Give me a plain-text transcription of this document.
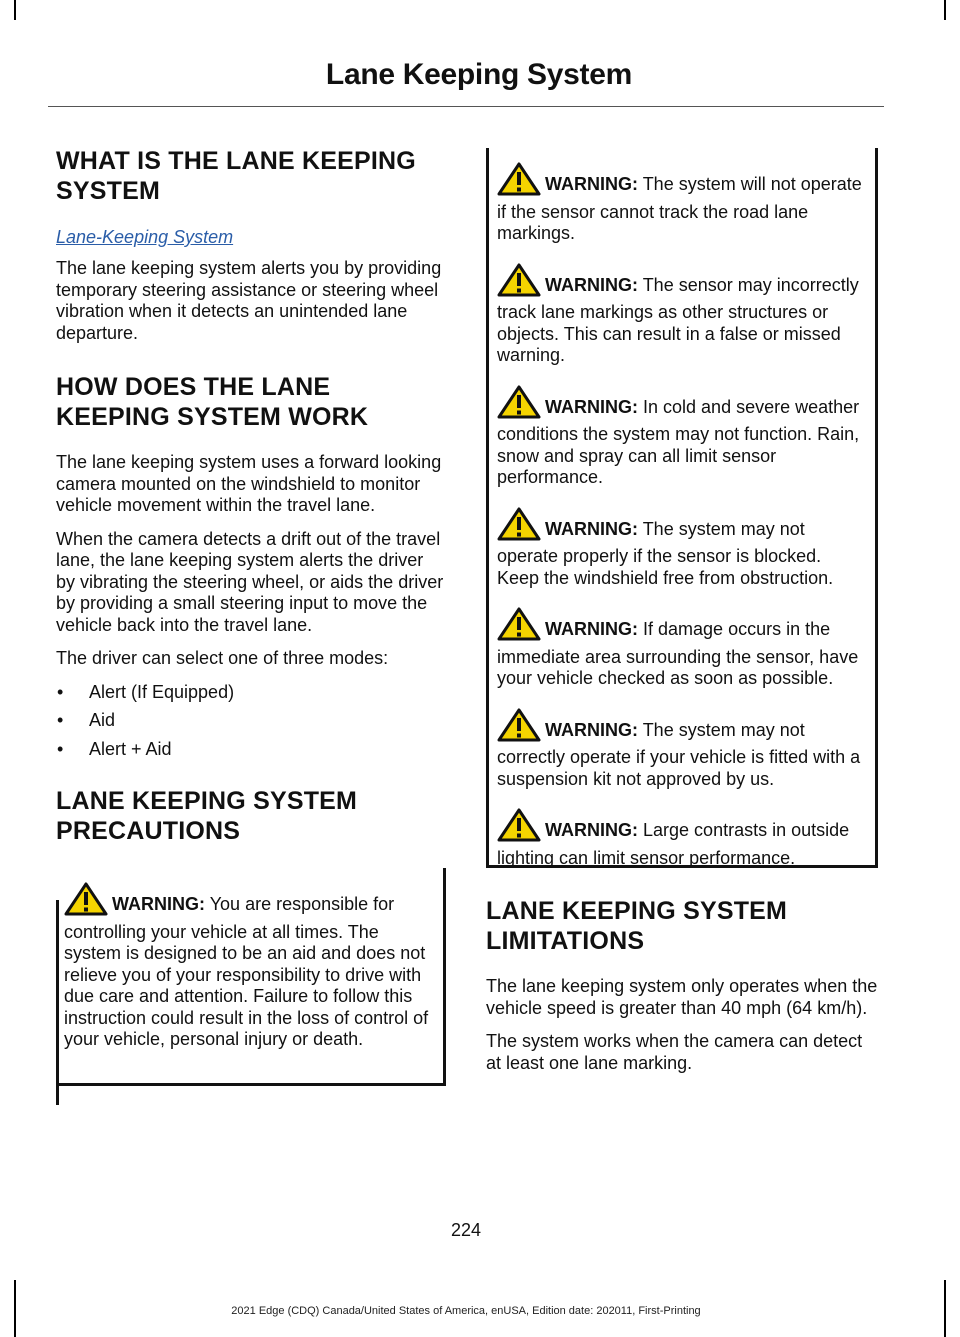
Lane Keeping System
WHAT IS THE LANE KEEPING SYSTEM
Lane-Keeping System

The lane keeping system alerts you by providing temporary steering assistance or steering wheel vibration when it detects an unintended lane departure.

HOW DOES THE LANE KEEPING SYSTEM WORK

The lane keeping system uses a forward looking camera mounted on the windshield to monitor vehicle movement within the travel lane.

When the camera detects a drift out of the travel lane, the lane keeping system alerts the driver by vibrating the steering wheel, or aids the driver by providing a small steering input to move the vehicle back into the travel lane.

The driver can select one of three modes:

• Alert (If Equipped)
• Aid
• Alert + Aid
LANE KEEPING SYSTEM PRECAUTIONS
WARNING: You are responsible for controlling your vehicle at all times. The system is designed to be an aid and does not relieve you of your responsibility to drive with due care and attention. Failure to follow this instruction could result in the loss of control of your vehicle, personal injury or death.
WARNING: The system will not operate if the sensor cannot track the road lane markings.
WARNING: The sensor may incorrectly track lane markings as other structures or objects. This can result in a false or missed warning.
WARNING: In cold and severe weather conditions the system may not function. Rain, snow and spray can all limit sensor performance.
WARNING: The system may not operate properly if the sensor is blocked. Keep the windshield free from obstruction.
WARNING: If damage occurs in the immediate area surrounding the sensor, have your vehicle checked as soon as possible.
WARNING: The system may not correctly operate if your vehicle is fitted with a suspension kit not approved by us.
WARNING: Large contrasts in outside lighting can limit sensor performance.
LANE KEEPING SYSTEM LIMITATIONS

The lane keeping system only operates when the vehicle speed is greater than 40 mph (64 km/h).

The system works when the camera can detect at least one lane marking.

224
2021 Edge (CDQ) Canada/United States of America, enUSA, Edition date: 202011, First-Printing
